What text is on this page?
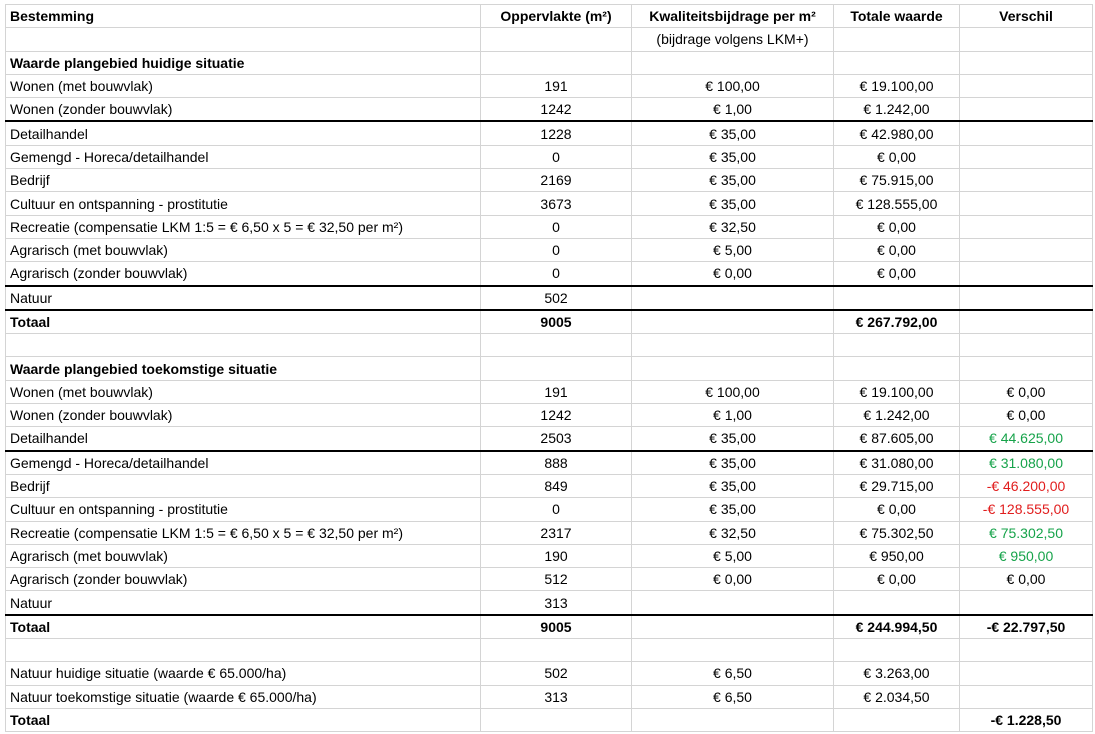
Bestemming	Oppervlakte (m²)	Kwaliteitsbijdrage per m²	Totale waarde	Verschil
		(bijdrage volgens LKM+)		
Waarde plangebied huidige situatie				
Wonen (met bouwvlak)	191	€ 100,00	€ 19.100,00	
Wonen (zonder bouwvlak)	1242	€ 1,00	€ 1.242,00	
Detailhandel	1228	€ 35,00	€ 42.980,00	
Gemengd - Horeca/detailhandel	0	€ 35,00	€ 0,00	
Bedrijf	2169	€ 35,00	€ 75.915,00	
Cultuur en ontspanning - prostitutie	3673	€ 35,00	€ 128.555,00	
Recreatie (compensatie LKM 1:5 = € 6,50 x 5 = € 32,50 per m²)	0	€ 32,50	€ 0,00	
Agrarisch (met bouwvlak)	0	€ 5,00	€ 0,00	
Agrarisch (zonder bouwvlak)	0	€ 0,00	€ 0,00	
Natuur	502			
Totaal	9005		€ 267.792,00	

Waarde plangebied toekomstige situatie				
Wonen (met bouwvlak)	191	€ 100,00	€ 19.100,00	€ 0,00
Wonen (zonder bouwvlak)	1242	€ 1,00	€ 1.242,00	€ 0,00
Detailhandel	2503	€ 35,00	€ 87.605,00	€ 44.625,00
Gemengd - Horeca/detailhandel	888	€ 35,00	€ 31.080,00	€ 31.080,00
Bedrijf	849	€ 35,00	€ 29.715,00	-€ 46.200,00
Cultuur en ontspanning - prostitutie	0	€ 35,00	€ 0,00	-€ 128.555,00
Recreatie (compensatie LKM 1:5 = € 6,50 x 5 = € 32,50 per m²)	2317	€ 32,50	€ 75.302,50	€ 75.302,50
Agrarisch (met bouwvlak)	190	€ 5,00	€ 950,00	€ 950,00
Agrarisch (zonder bouwvlak)	512	€ 0,00	€ 0,00	€ 0,00
Natuur	313			
Totaal	9005		€ 244.994,50	-€ 22.797,50

Natuur huidige situatie (waarde € 65.000/ha)	502	€ 6,50	€ 3.263,00	
Natuur toekomstige situatie (waarde € 65.000/ha)	313	€ 6,50	€ 2.034,50	
Totaal				-€ 1.228,50
